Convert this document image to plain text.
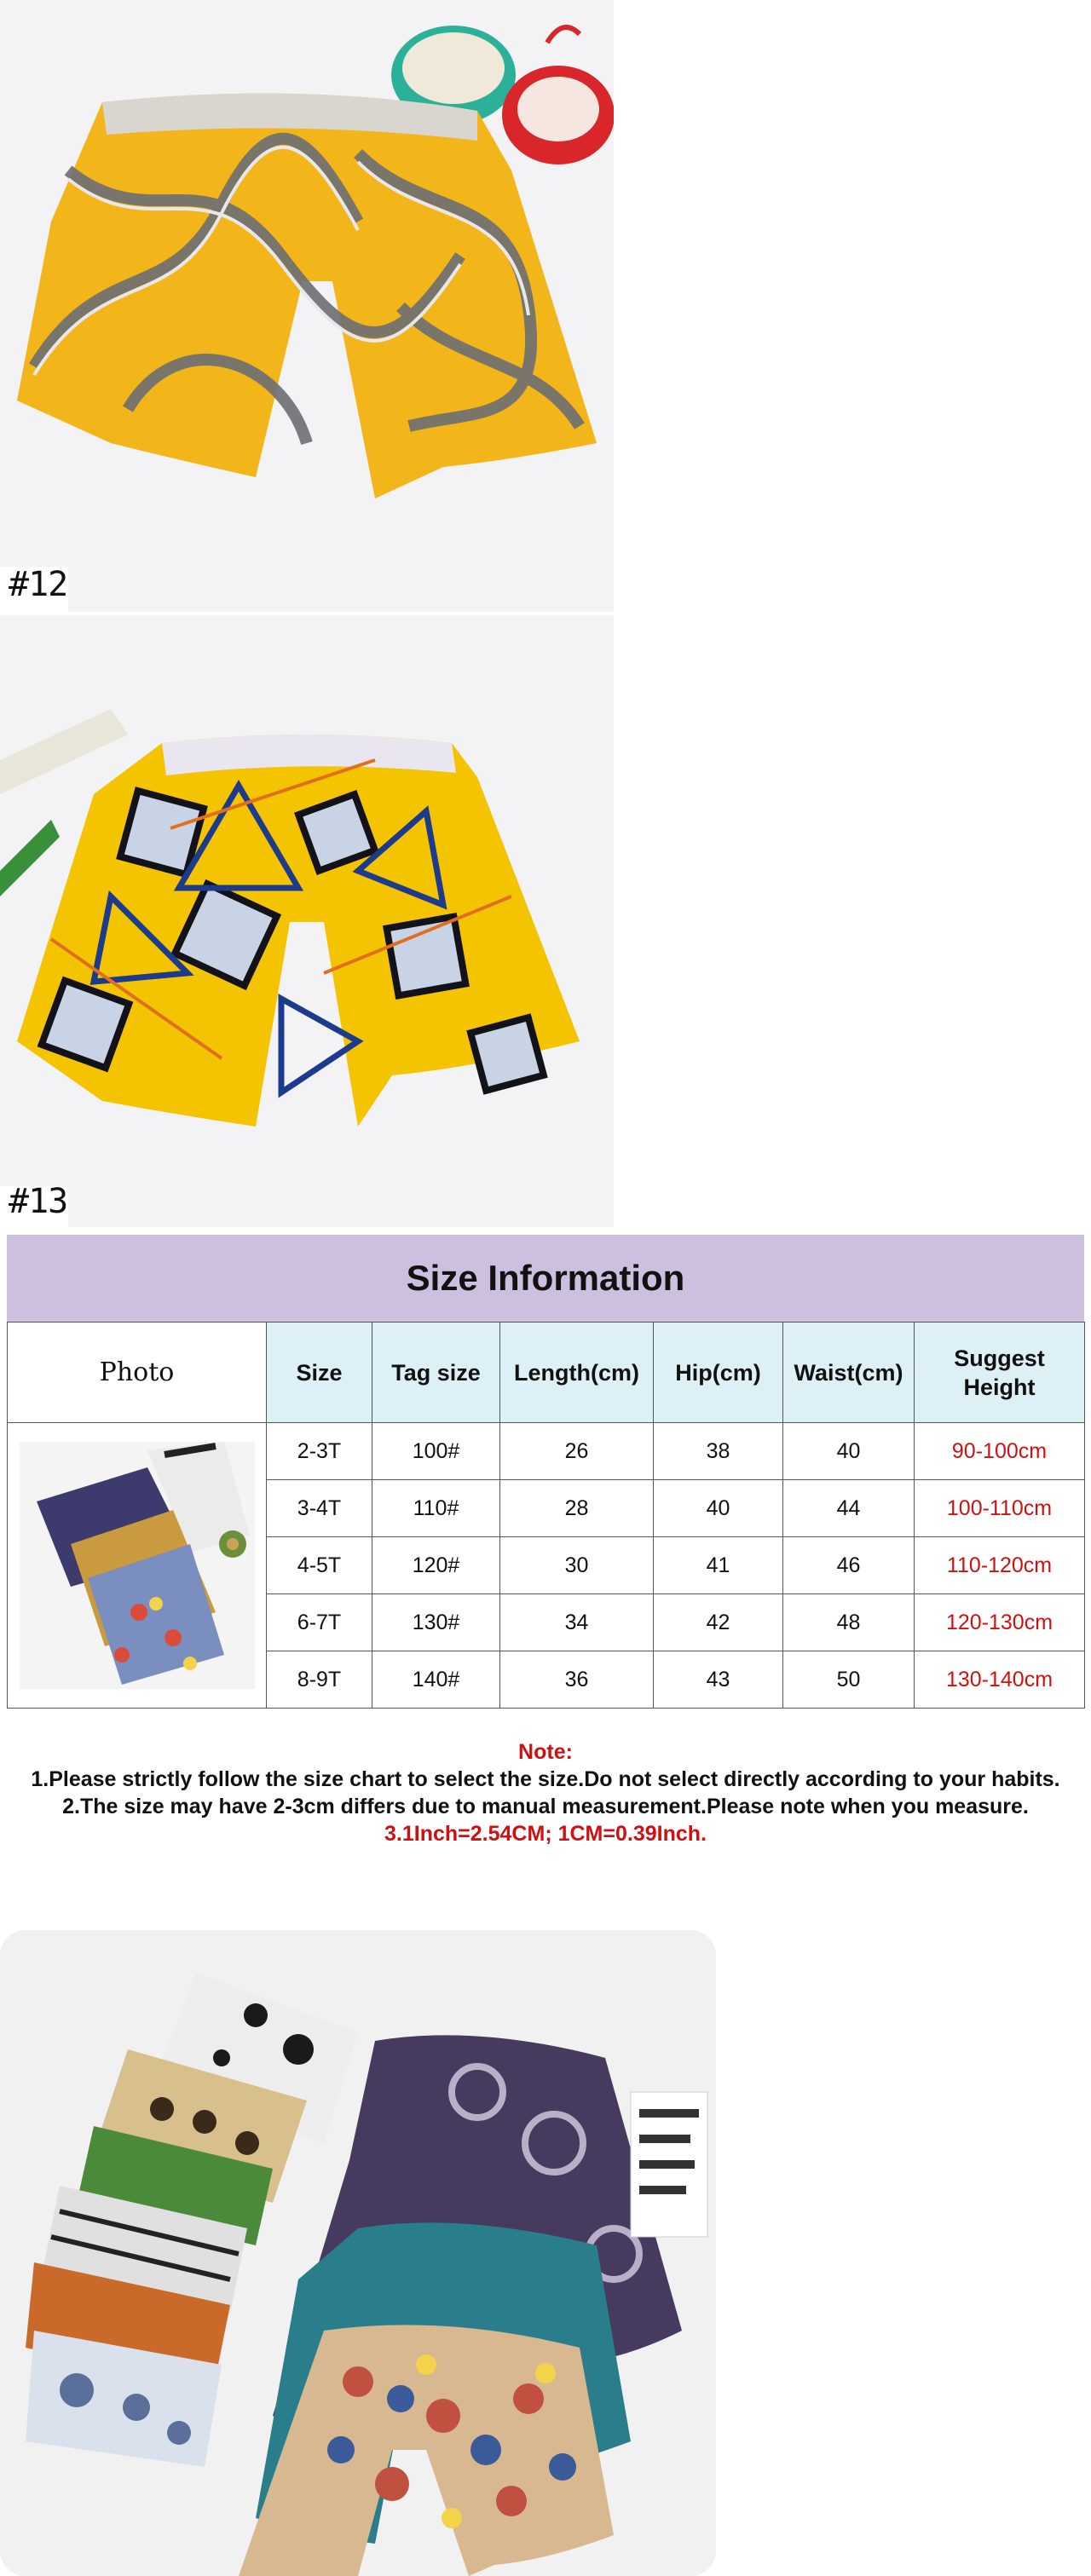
#12
#13
Size Information
Photo	Size	Tag size	Length(cm)	Hip(cm)	Waist(cm)	Suggest Height

	2-3T	100#	26	38	40	90-100cm
	3-4T	110#	28	40	44	100-110cm
	4-5T	120#	30	41	46	110-120cm
	6-7T	130#	34	42	48	120-130cm
	8-9T	140#	36	43	50	130-140cm
Note:
1.Please strictly follow the size chart to select the size.Do not select directly according to your habits.
2.The size may have 2-3cm differs due to manual measurement.Please note when you measure.
3.1Inch=2.54CM; 1CM=0.39Inch.
